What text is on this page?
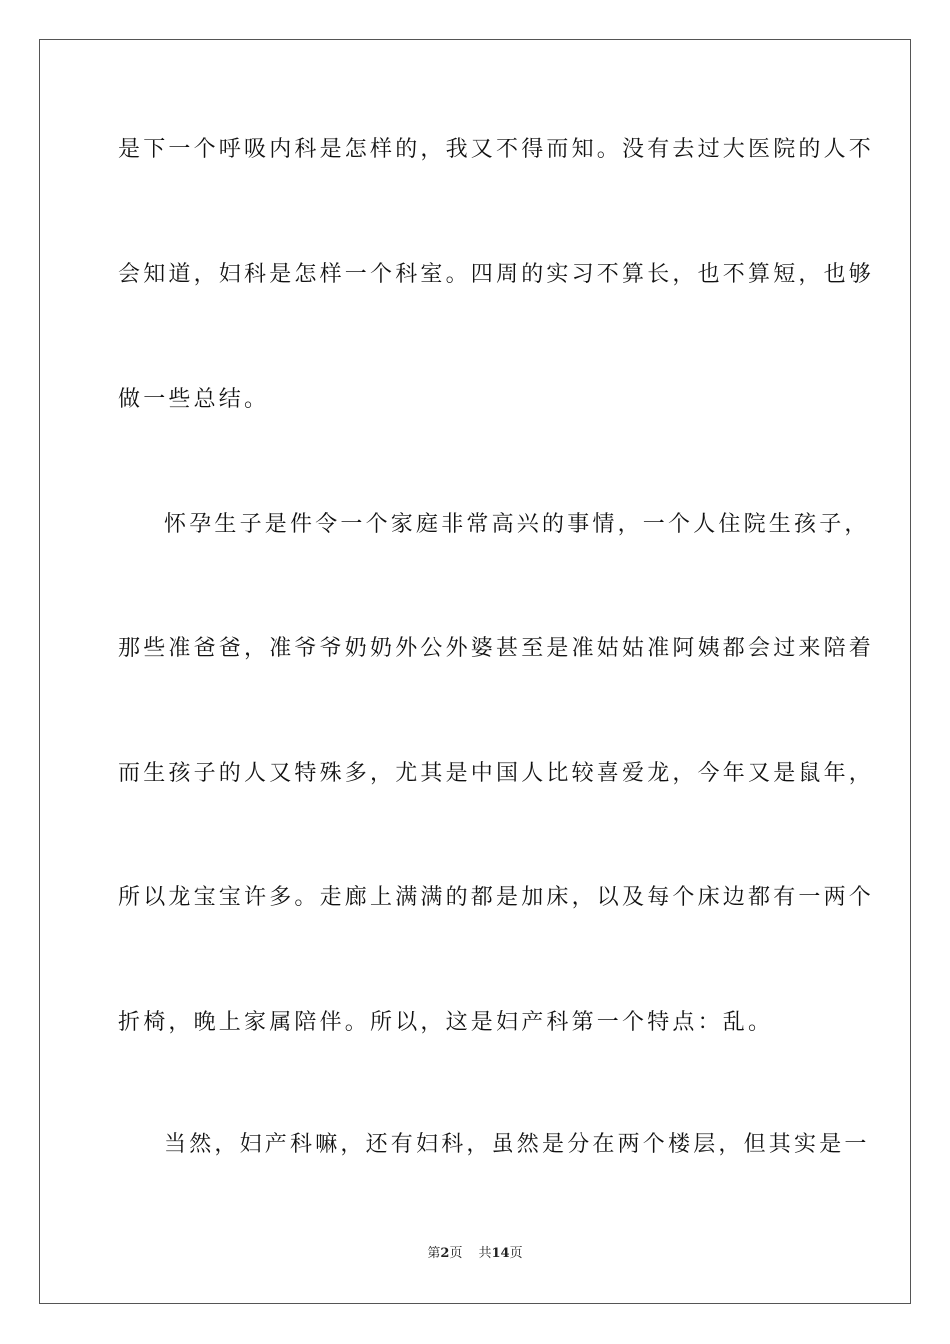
是下一个呼吸内科是怎样的，我又不得而知。没有去过大医院的人不
会知道，妇科是怎样一个科室。四周的实习不算长，也不算短，也够
做一些总结。
怀孕生子是件令一个家庭非常高兴的事情，一个人住院生孩子，
那些准爸爸，准爷爷奶奶外公外婆甚至是准姑姑准阿姨都会过来陪着
而生孩子的人又特殊多，尤其是中国人比较喜爱龙，今年又是鼠年，
所以龙宝宝许多。走廊上满满的都是加床，以及每个床边都有一两个
折椅，晚上家属陪伴。所以，这是妇产科第一个特点：乱。
当然，妇产科嘛，还有妇科，虽然是分在两个楼层，但其实是一
第2页 共14页
